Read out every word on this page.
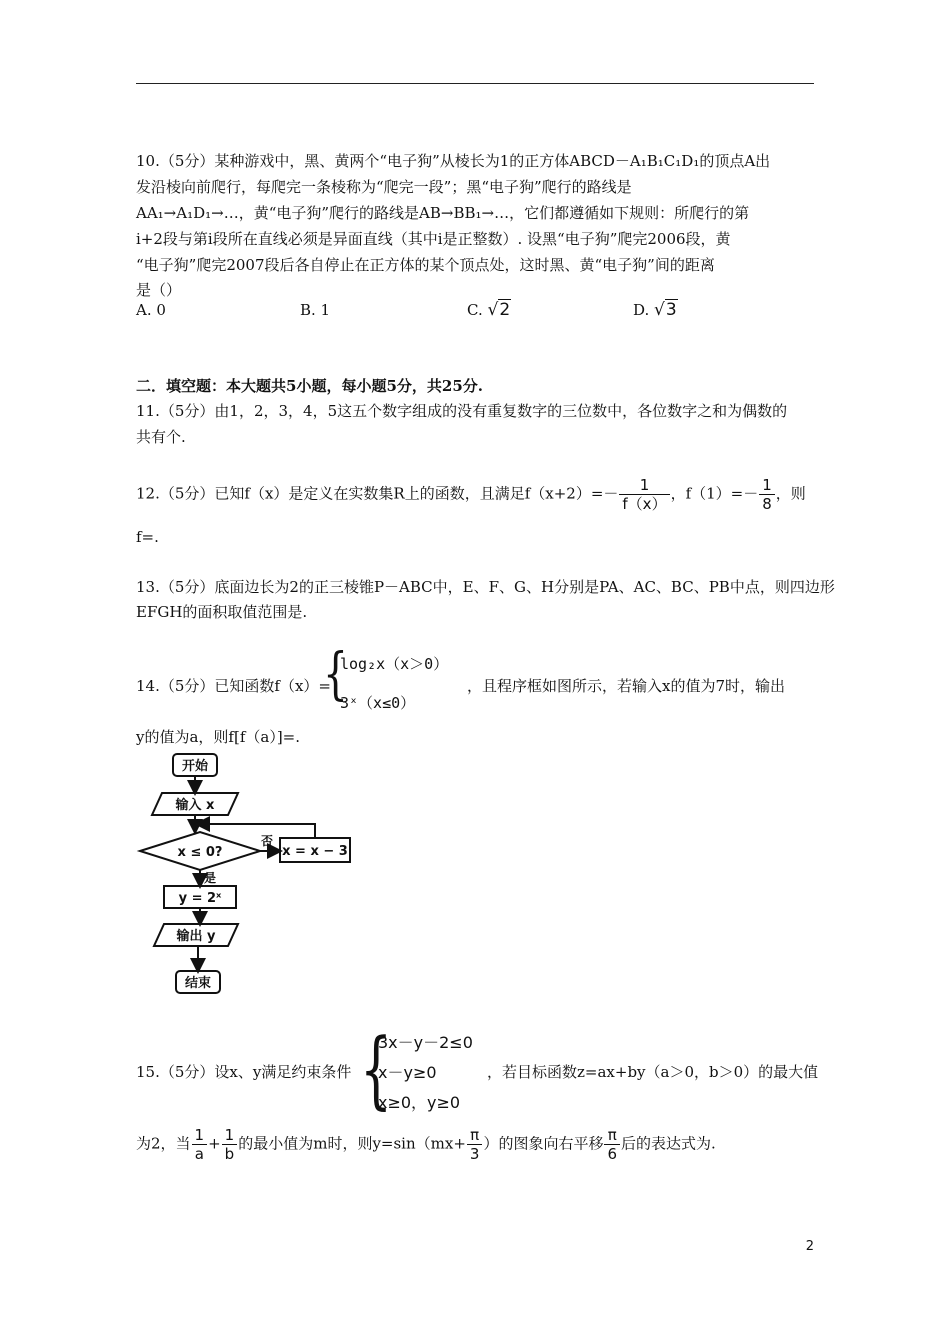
10.（5分）某种游戏中，黑、黄两个“电子狗”从棱长为1的正方体ABCD－A₁B₁C₁D₁的顶点A出
发沿棱向前爬行，每爬完一条棱称为“爬完一段”；黑“电子狗”爬行的路线是
AA₁→A₁D₁→…，黄“电子狗”爬行的路线是AB→BB₁→…，它们都遵循如下规则：所爬行的第
i+2段与第i段所在直线必须是异面直线（其中i是正整数）. 设黑“电子狗”爬完2006段，黄
“电子狗”爬完2007段后各自停止在正方体的某个顶点处，这时黑、黄“电子狗”间的距离
是（）
A. 0	B. 1	C. √2	D. √3
二．填空题：本大题共5小题，每小题5分，共25分.
11.（5分）由1，2，3，4，5这五个数字组成的没有重复数字的三位数中，各位数字之和为偶数的
共有个.
12.（5分）已知f（x）是定义在实数集R上的函数，且满足$f(x+2)=- \frac{1}{f(x)}$ ，$f(1)=- \frac{1}{8}$ ，则
f=.
13.（5分）底面边长为2的正三棱锥P－ABC中，E、F、G、H分别是PA、AC、BC、PB中点，则四边形
EFGH的面积取值范围是.
14.（5分）已知函数f（x）=
{
log₂x（x＞0）
3ˣ（x≤0）
，且程序框如图所示，若输入x的值为7时，输出
y的值为a，则f[f（a）]=.
开始
输入 x
x ≤ 0?
否
x = x − 3
是
y = 2ˣ
输出 y
结束
{
3x－y－2≤0
x－y≥0
x≥0，y≥0
15.（5分）设x、y满足约束条件	，若目标函数z=ax+by（a＞0，b＞0）的最大值
为2，当 $\frac{1}{a} + \frac{1}{b}$ 的最小值为m时，则$y=\sin(mx+ \frac{\pi}{3}$ ）的图象向右平移 $\frac{\pi}{6}$ 后的表达式为.
2
